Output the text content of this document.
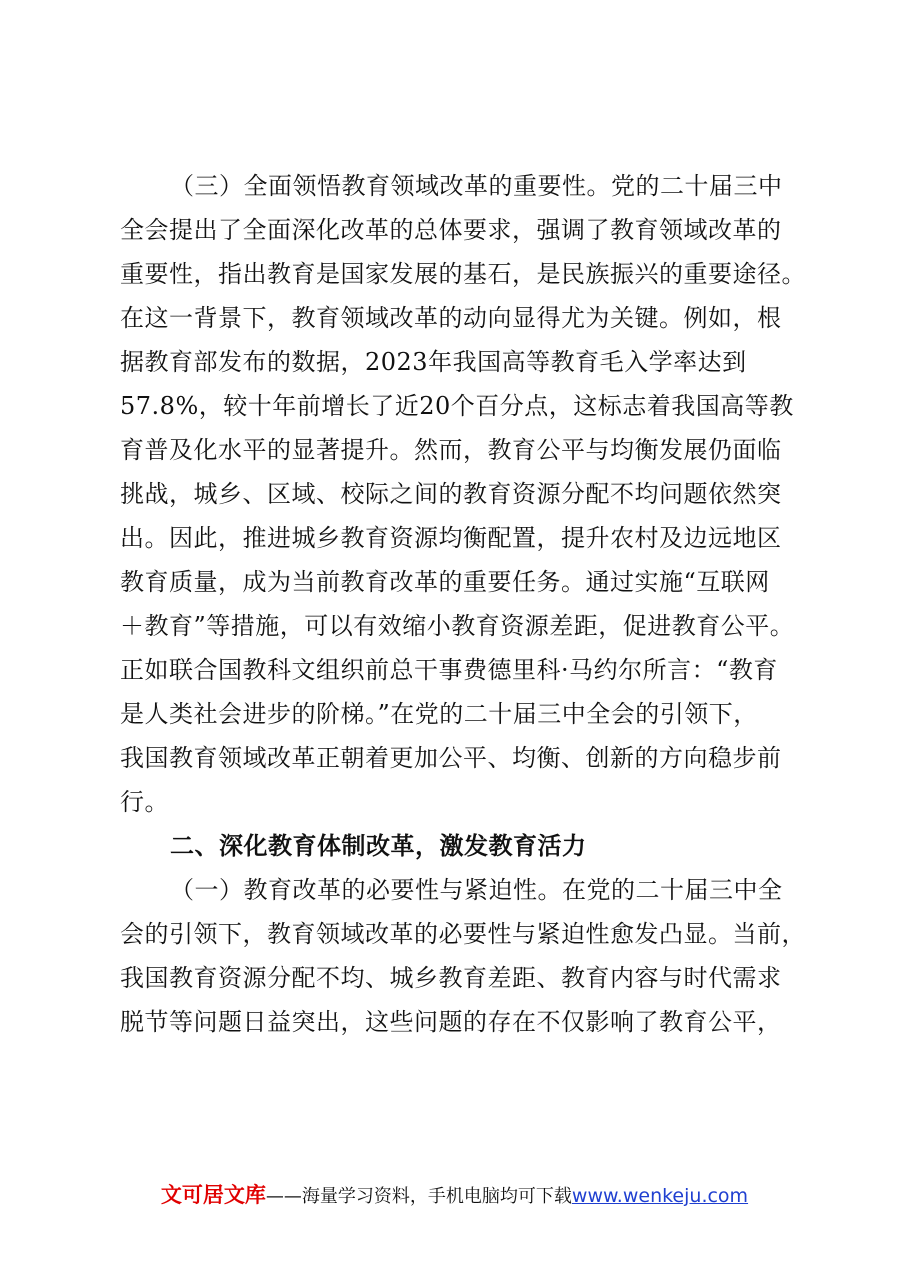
（三）全面领悟教育领域改革的重要性。党的二十届三中
全会提出了全面深化改革的总体要求，强调了教育领域改革的
重要性，指出教育是国家发展的基石，是民族振兴的重要途径。
在这一背景下，教育领域改革的动向显得尤为关键。例如，根
据教育部发布的数据，2023年我国高等教育毛入学率达到
57.8%，较十年前增长了近20个百分点，这标志着我国高等教
育普及化水平的显著提升。然而，教育公平与均衡发展仍面临
挑战，城乡、区域、校际之间的教育资源分配不均问题依然突
出。因此，推进城乡教育资源均衡配置，提升农村及边远地区
教育质量，成为当前教育改革的重要任务。通过实施“互联网
＋教育”等措施，可以有效缩小教育资源差距，促进教育公平。
正如联合国教科文组织前总干事费德里科·马约尔所言：“教育
是人类社会进步的阶梯。”在党的二十届三中全会的引领下，
我国教育领域改革正朝着更加公平、均衡、创新的方向稳步前
行。
二、深化教育体制改革，激发教育活力
（一）教育改革的必要性与紧迫性。在党的二十届三中全
会的引领下，教育领域改革的必要性与紧迫性愈发凸显。当前，
我国教育资源分配不均、城乡教育差距、教育内容与时代需求
脱节等问题日益突出，这些问题的存在不仅影响了教育公平，
文可居文库——海量学习资料，手机电脑均可下载www.wenkeju.com
